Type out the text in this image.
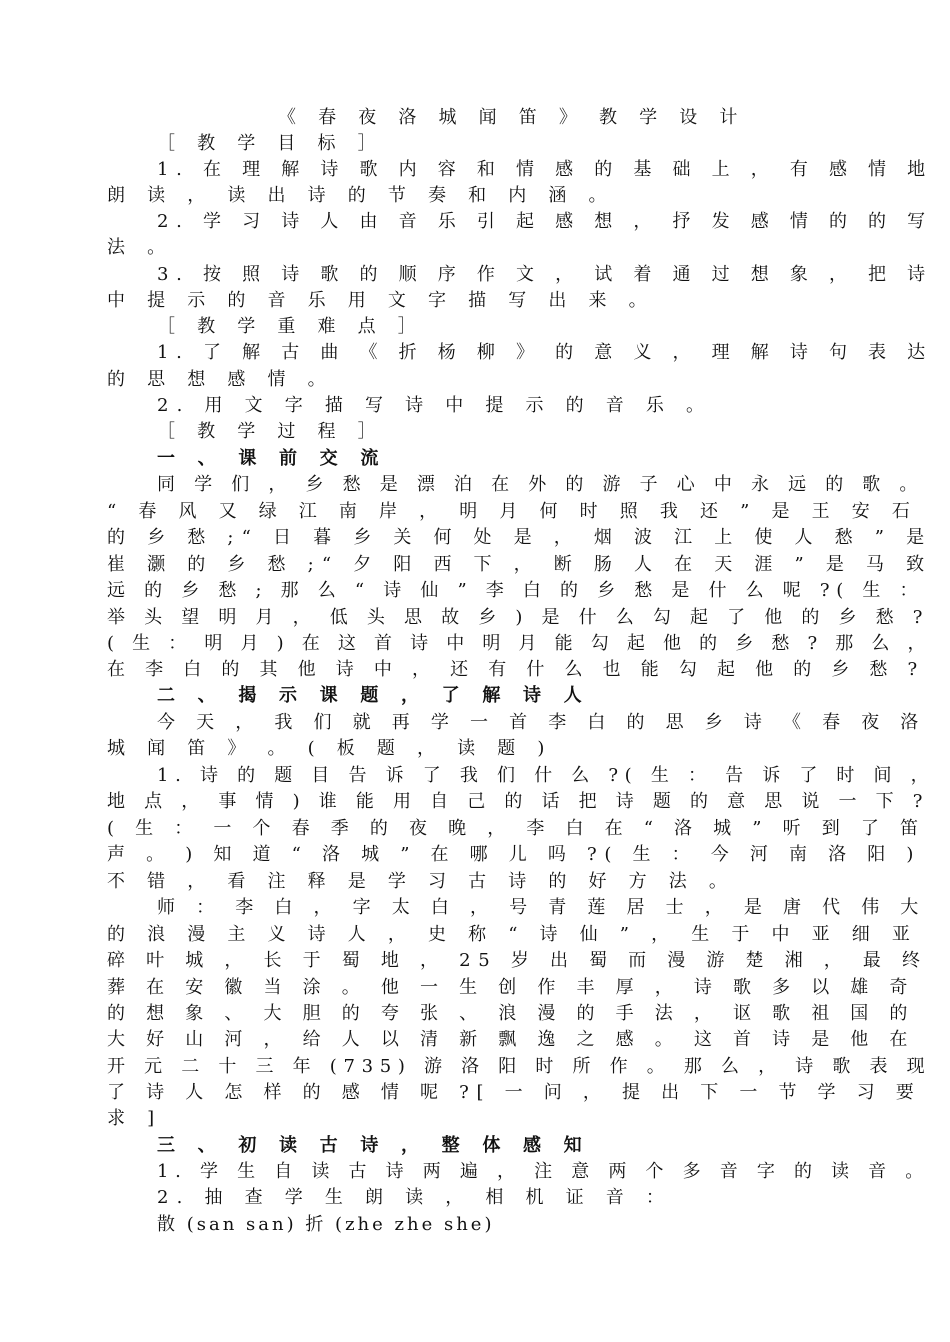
《 春 夜 洛 城 闻 笛 》 教 学 设 计
［ 教 学 目 标 ］
1. 在 理 解 诗 歌 内 容 和 情 感 的 基 础 上 ， 有 感 情 地
朗 读 ， 读 出 诗 的 节 奏 和 内 涵 。
2. 学 习 诗 人 由 音 乐 引 起 感 想 ， 抒 发 感 情 的 的 写
法 。
3. 按 照 诗 歌 的 顺 序 作 文 ， 试 着 通 过 想 象 ， 把 诗
中 提 示 的 音 乐 用 文 字 描 写 出 来 。
［ 教 学 重 难 点 ］
1. 了 解 古 曲 《 折 杨 柳 》 的 意 义 ， 理 解 诗 句 表 达
的 思 想 感 情 。
2. 用 文 字 描 写 诗 中 提 示 的 音 乐 。
［ 教 学 过 程 ］
一 、 课 前 交 流
同 学 们 ， 乡 愁 是 漂 泊 在 外 的 游 子 心 中 永 远 的 歌 。
“ 春 风 又 绿 江 南 岸 ， 明 月 何 时 照 我 还 ” 是 王 安 石
的 乡 愁 ;“ 日 暮 乡 关 何 处 是 ， 烟 波 江 上 使 人 愁 ” 是
崔 灏 的 乡 愁 ;“ 夕 阳 西 下 ， 断 肠 人 在 天 涯 ” 是 马 致
远 的 乡 愁 ; 那 么 “ 诗 仙 ” 李 白 的 乡 愁 是 什 么 呢 ?( 生 ：
举 头 望 明 月 ， 低 头 思 故 乡 ) 是 什 么 勾 起 了 他 的 乡 愁 ?
( 生 ： 明 月 ) 在 这 首 诗 中 明 月 能 勾 起 他 的 乡 愁 ? 那 么 ，
在 李 白 的 其 他 诗 中 ， 还 有 什 么 也 能 勾 起 他 的 乡 愁 ?
二 、 揭 示 课 题 ， 了 解 诗 人
今 天 ， 我 们 就 再 学 一 首 李 白 的 思 乡 诗 《 春 夜 洛
城 闻 笛 》 。 ( 板 题 ， 读 题 )
1. 诗 的 题 目 告 诉 了 我 们 什 么 ?( 生 ： 告 诉 了 时 间 ，
地 点 ， 事 情 ) 谁 能 用 自 己 的 话 把 诗 题 的 意 思 说 一 下 ?
( 生 ： 一 个 春 季 的 夜 晚 ， 李 白 在 “ 洛 城 ” 听 到 了 笛
声 。 ) 知 道 “ 洛 城 ” 在 哪 儿 吗 ?( 生 ： 今 河 南 洛 阳 )
不 错 ， 看 注 释 是 学 习 古 诗 的 好 方 法 。
师 ： 李 白 ， 字 太 白 ， 号 青 莲 居 士 ， 是 唐 代 伟 大
的 浪 漫 主 义 诗 人 ， 史 称 “ 诗 仙 ” ， 生 于 中 亚 细 亚
碎 叶 城 ， 长 于 蜀 地 ， 25 岁 出 蜀 而 漫 游 楚 湘 ， 最 终
葬 在 安 徽 当 涂 。 他 一 生 创 作 丰 厚 ， 诗 歌 多 以 雄 奇
的 想 象 、 大 胆 的 夸 张 、 浪 漫 的 手 法 ， 讴 歌 祖 国 的
大 好 山 河 ， 给 人 以 清 新 飘 逸 之 感 。 这 首 诗 是 他 在
开 元 二 十 三 年 (735) 游 洛 阳 时 所 作 。 那 么 ， 诗 歌 表 现
了 诗 人 怎 样 的 感 情 呢 ?[ 一 问 ， 提 出 下 一 节 学 习 要
求 ]
三 、 初 读 古 诗 ， 整 体 感 知
1. 学 生 自 读 古 诗 两 遍 ， 注 意 两 个 多 音 字 的 读 音 。
2. 抽 查 学 生 朗 读 ， 相 机 证 音 ：
散 (san san) 折 (zhe zhe she)
